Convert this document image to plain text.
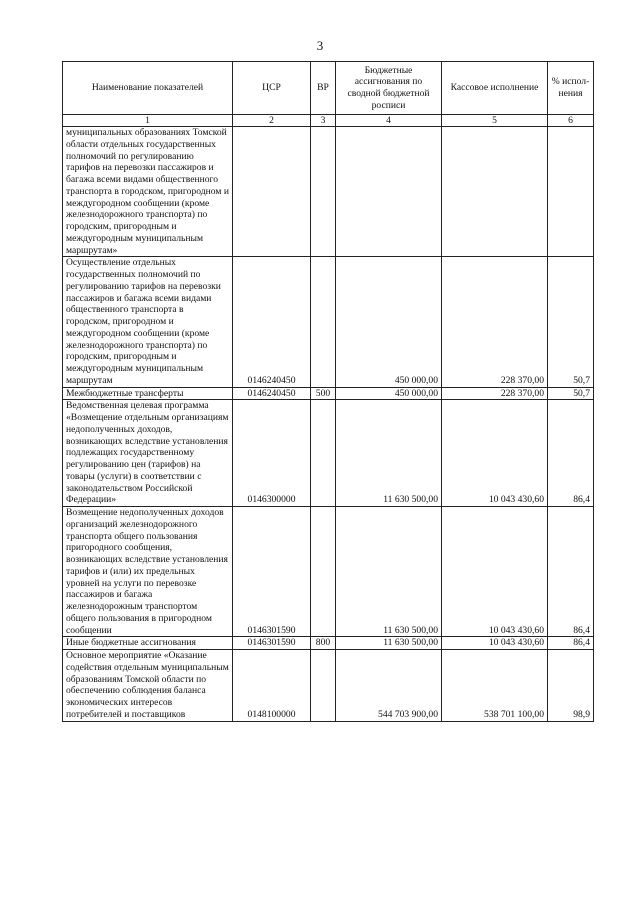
3
Наименование показателей	ЦСР	ВР	Бюджетные ассигнования по сводной бюджетной росписи	Кассовое исполнение	% испол-нения
1	2	3	4	5	6
муниципальных образованиях Томской области отдельных государственных полномочий по регулированию тарифов на перевозки пассажиров и багажа всеми видами общественного транспорта в городском, пригородном и междугородном сообщении (кроме железнодорожного транспорта) по городским, пригородным и междугородным муниципальным маршрутам»					
Осуществление отдельных государственных полномочий по регулированию тарифов на перевозки пассажиров и багажа всеми видами общественного транспорта в городском, пригородном и междугородном сообщении (кроме железнодорожного транспорта) по городским, пригородным и междугородным муниципальным маршрутам	0146240450		450 000,00	228 370,00	50,7
Межбюджетные трансферты	0146240450	500	450 000,00	228 370,00	50,7
Ведомственная целевая программа «Возмещение отдельным организациям недополученных доходов, возникающих вследствие установления подлежащих государственному регулированию цен (тарифов) на товары (услуги) в соответствии с законодательством Российской Федерации»	0146300000		11 630 500,00	10 043 430,60	86,4
Возмещение недополученных доходов организаций железнодорожного транспорта общего пользования пригородного сообщения, возникающих вследствие установления тарифов и (или) их предельных уровней на услуги по перевозке пассажиров и багажа железнодорожным транспортом общего пользования в пригородном сообщении	0146301590		11 630 500,00	10 043 430,60	86,4
Иные бюджетные ассигнования	0146301590	800	11 630 500,00	10 043 430,60	86,4
Основное мероприятие «Оказание содействия отдельным муниципальным образованиям Томской области по обеспечению соблюдения баланса экономических интересов потребителей и поставщиков	0148100000		544 703 900,00	538 701 100,00	98,9
